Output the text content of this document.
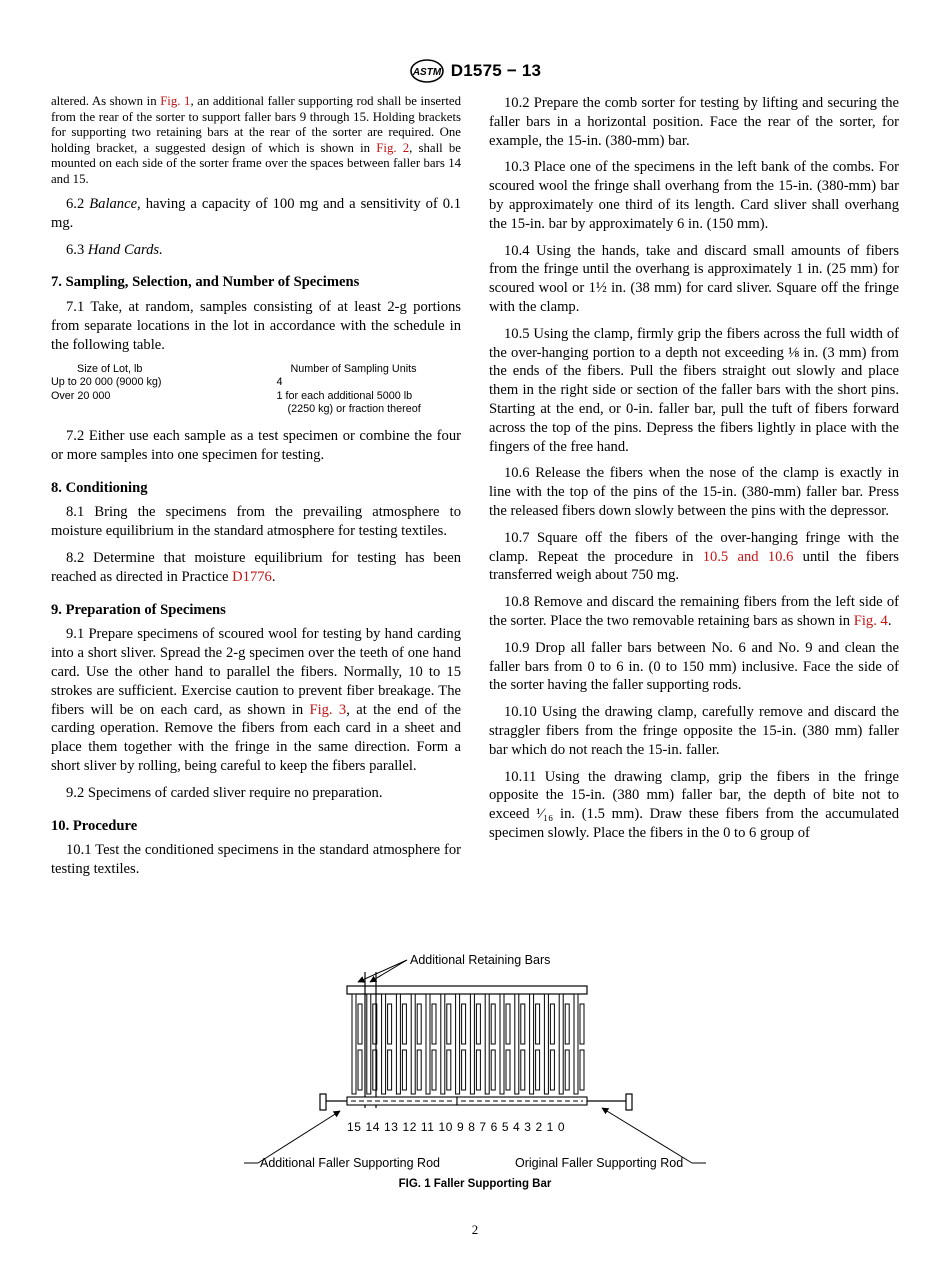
ASTM D1575 − 13

altered. As shown in Fig. 1, an additional faller supporting rod shall be inserted from the rear of the sorter to support faller bars 9 through 15. Holding brackets for supporting two retaining bars at the rear of the sorter are required. One holding bracket, a suggested design of which is shown in Fig. 2, shall be mounted on each side of the sorter frame over the spaces between faller bars 14 and 15.

6.2 Balance, having a capacity of 100 mg and a sensitivity of 0.1 mg.

6.3 Hand Cards.

7. Sampling, Selection, and Number of Specimens

7.1 Take, at random, samples consisting of at least 2-g portions from separate locations in the lot in accordance with the schedule in the following table.

Size of Lot, lb	Number of Sampling Units
Up to 20 000 (9000 kg)	4
Over 20 000	1 for each additional 5000 lb
	(2250 kg) or fraction thereof

7.2 Either use each sample as a test specimen or combine the four or more samples into one specimen for testing.

8. Conditioning

8.1 Bring the specimens from the prevailing atmosphere to moisture equilibrium in the standard atmosphere for testing textiles.

8.2 Determine that moisture equilibrium for testing has been reached as directed in Practice D1776.

9. Preparation of Specimens

9.1 Prepare specimens of scoured wool for testing by hand carding into a short sliver. Spread the 2-g specimen over the teeth of one hand card. Use the other hand to parallel the fibers. Normally, 10 to 15 strokes are sufficient. Exercise caution to prevent fiber breakage. The fibers will be on each card, as shown in Fig. 3, at the end of the carding operation. Remove the fibers from each card in a sheet and place them together with the fringe in the same direction. Form a short sliver by rolling, being careful to keep the fibers parallel.

9.2 Specimens of carded sliver require no preparation.

10. Procedure

10.1 Test the conditioned specimens in the standard atmosphere for testing textiles.

10.2 Prepare the comb sorter for testing by lifting and securing the faller bars in a horizontal position. Face the rear of the sorter, for example, the 15-in. (380-mm) bar.

10.3 Place one of the specimens in the left bank of the combs. For scoured wool the fringe shall overhang from the 15-in. (380-mm) bar by approximately one third of its length. Card sliver shall overhang the 15-in. bar by approximately 6 in. (150 mm).

10.4 Using the hands, take and discard small amounts of fibers from the fringe until the overhang is approximately 1 in. (25 mm) for scoured wool or 1½ in. (38 mm) for card sliver. Square off the fringe with the clamp.

10.5 Using the clamp, firmly grip the fibers across the full width of the over-hanging portion to a depth not exceeding ⅛ in. (3 mm) from the ends of the fibers. Pull the fibers straight out slowly and place them in the right side or section of the faller bars with the short pins. Starting at the end, or 0-in. faller bar, pull the tuft of fibers forward across the top of the pins. Depress the fibers lightly in place with the fingers of the free hand.

10.6 Release the fibers when the nose of the clamp is exactly in line with the top of the pins of the 15-in. (380-mm) faller bar. Press the released fibers down slowly between the pins with the depressor.

10.7 Square off the fibers of the over-hanging fringe with the clamp. Repeat the procedure in 10.5 and 10.6 until the fibers transferred weigh about 750 mg.

10.8 Remove and discard the remaining fibers from the left side of the sorter. Place the two removable retaining bars as shown in Fig. 4.

10.9 Drop all faller bars between No. 6 and No. 9 and clean the faller bars from 0 to 6 in. (0 to 150 mm) inclusive. Face the side of the sorter having the faller supporting rods.

10.10 Using the drawing clamp, carefully remove and discard the straggler fibers from the fringe opposite the 15-in. (380 mm) faller bar which do not reach the 15-in. faller.

10.11 Using the drawing clamp, grip the fibers in the fringe opposite the 15-in. (380 mm) faller bar, the depth of bite not to exceed ¹⁄₁₆ in. (1.5 mm). Draw these fibers from the accumulated specimen slowly. Place the fibers in the 0 to 6 group of

Additional Retaining Bars
15 14 13 12 11 10 9 8 7 6 5 4 3 2 1 0
Additional Faller Supporting Rod	Original Faller Supporting Rod
FIG. 1 Faller Supporting Bar
2
